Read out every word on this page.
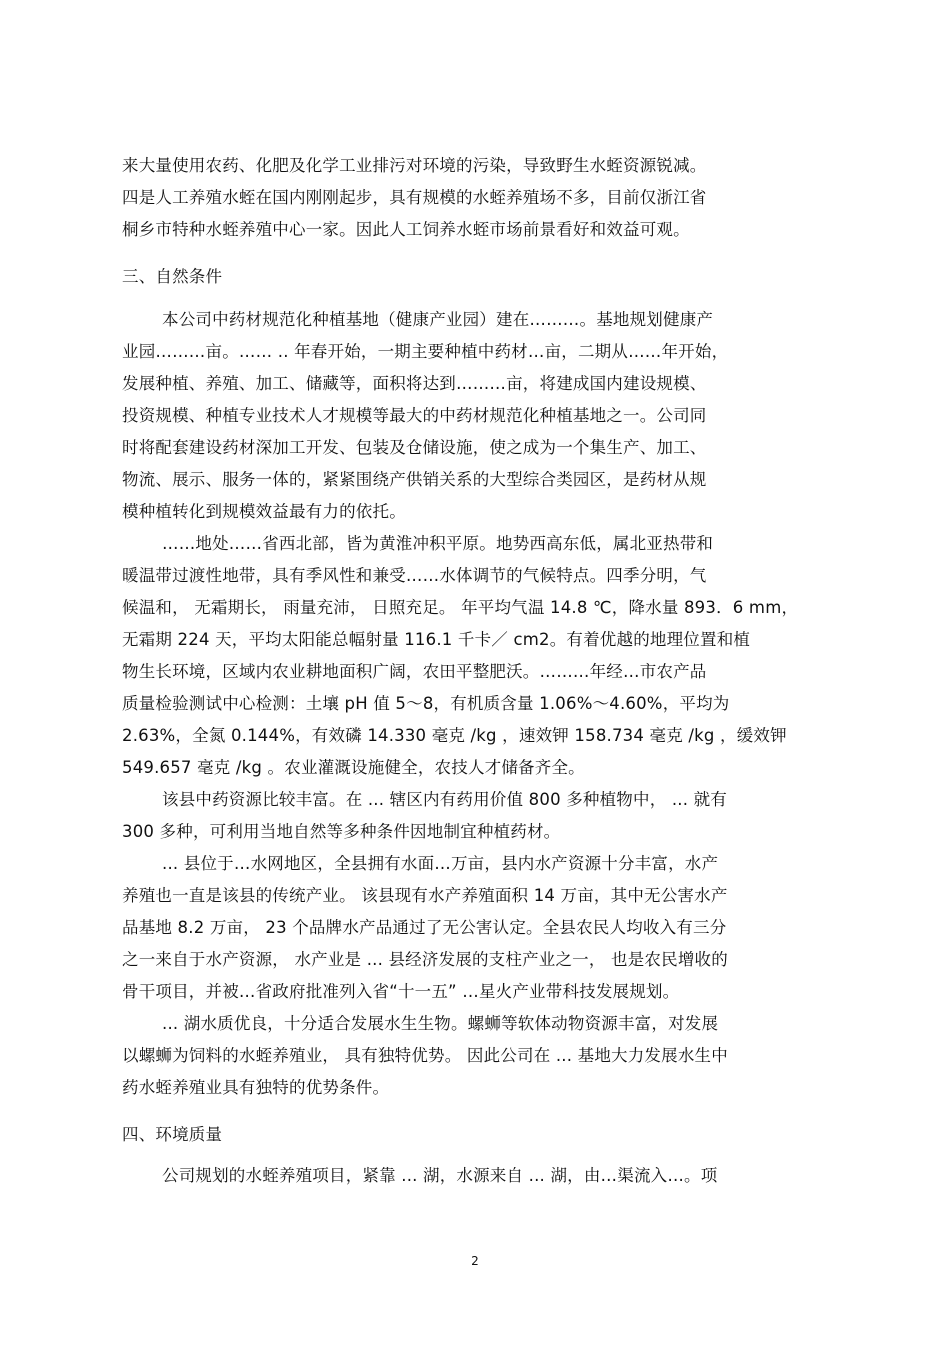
来大量使用农药、化肥及化学工业排污对环境的污染，导致野生水蛭资源锐减。
四是人工养殖水蛭在国内刚刚起步，具有规模的水蛭养殖场不多，目前仅浙江省
桐乡市特种水蛭养殖中心一家。因此人工饲养水蛭市场前景看好和效益可观。
三、自然条件
本公司中药材规范化种植基地（健康产业园）建在………。基地规划健康产
业园………亩。…… .. 年春开始，一期主要种植中药材…亩，二期从……年开始，
发展种植、养殖、加工、储藏等，面积将达到………亩，将建成国内建设规模、
投资规模、种植专业技术人才规模等最大的中药材规范化种植基地之一。公司同
时将配套建设药材深加工开发、包装及仓储设施，使之成为一个集生产、加工、
物流、展示、服务一体的，紧紧围绕产供销关系的大型综合类园区，是药材从规
模种植转化到规模效益最有力的依托。
……地处……省西北部，皆为黄淮冲积平原。地势西高东低，属北亚热带和
暖温带过渡性地带，具有季风性和兼受……水体调节的气候特点。四季分明，气
候温和， 无霜期长， 雨量充沛， 日照充足。 年平均气温 14.8 ℃，降水量 893．6 mm，
无霜期 224 天，平均太阳能总幅射量 116.1 千卡／ cm2。有着优越的地理位置和植
物生长环境，区域内农业耕地面积广阔，农田平整肥沃。………年经…市农产品
质量检验测试中心检测：土壤 pH 值 5～8，有机质含量 1.06%～4.60%，平均为
2.63%，全氮 0.144%，有效磷 14.330 毫克 /kg ，速效钾 158.734 毫克 /kg ，缓效钾
549.657 毫克 /kg 。农业灌溉设施健全，农技人才储备齐全。
该县中药资源比较丰富。在 ... 辖区内有药用价值 800 多种植物中， ... 就有
300 多种，可利用当地自然等多种条件因地制宜种植药材。
... 县位于…水网地区，全县拥有水面…万亩，县内水产资源十分丰富，水产
养殖也一直是该县的传统产业。 该县现有水产养殖面积 14 万亩，其中无公害水产
品基地 8.2 万亩， 23 个品牌水产品通过了无公害认定。全县农民人均收入有三分
之一来自于水产资源， 水产业是 ... 县经济发展的支柱产业之一， 也是农民增收的
骨干项目，并被…省政府批准列入省“十一五” …星火产业带科技发展规划。
... 湖水质优良，十分适合发展水生生物。螺蛳等软体动物资源丰富，对发展
以螺蛳为饲料的水蛭养殖业， 具有独特优势。 因此公司在 ... 基地大力发展水生中
药水蛭养殖业具有独特的优势条件。
四、环境质量
公司规划的水蛭养殖项目，紧靠 ... 湖，水源来自 ... 湖，由…渠流入…。项
2
